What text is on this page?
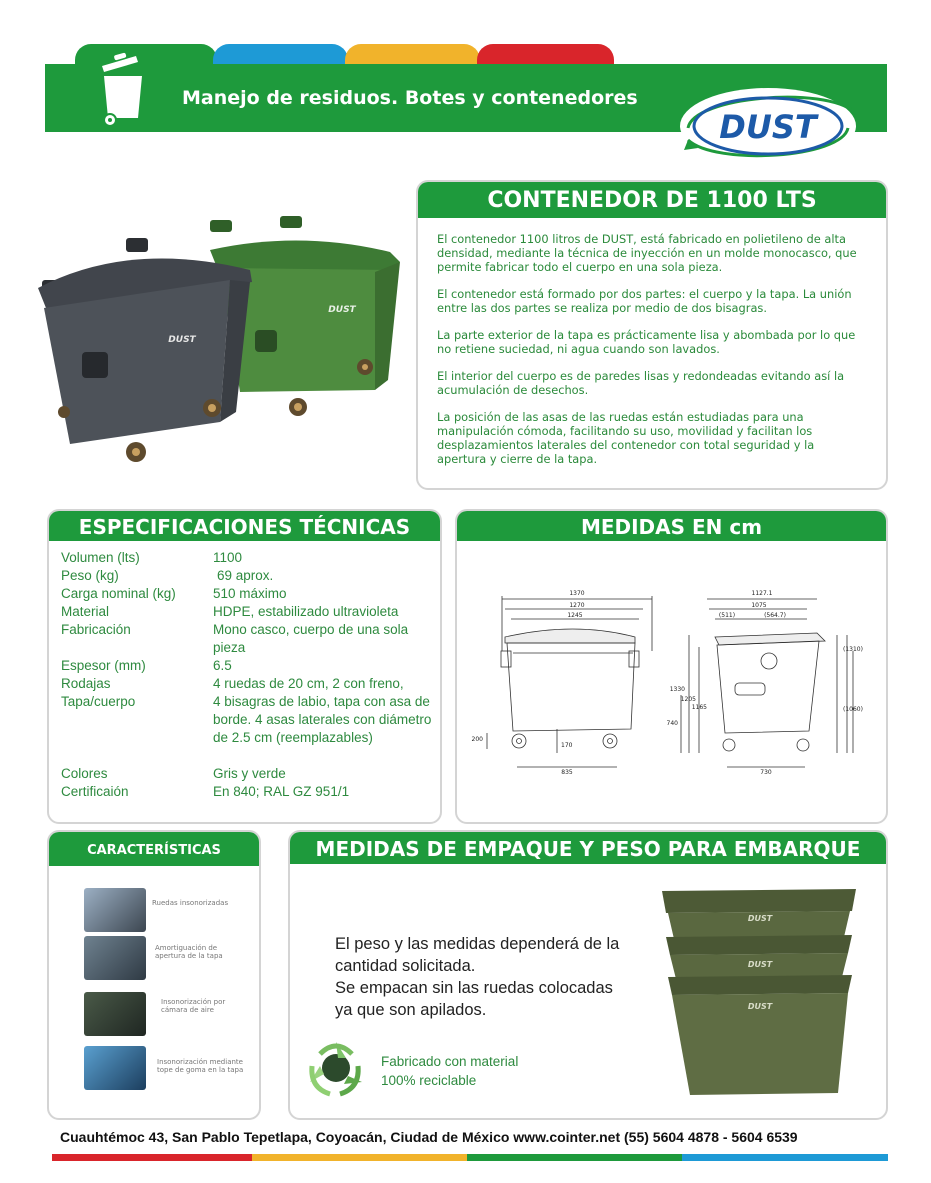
Manejo de residuos. Botes y contenedores
DUST
DUST
DUST
CONTENEDOR DE 1100 LTS

El contenedor 1100 litros de DUST, está fabricado en polietileno de alta densidad, mediante la técnica de inyección en un molde monocasco, que permite fabricar todo el cuerpo en una sola pieza.

El contenedor está formado por dos partes: el cuerpo y la tapa. La unión entre las dos partes se realiza por medio de dos bisagras.

La parte exterior de la tapa es prácticamente lisa y abombada por lo que no retiene suciedad, ni agua cuando son lavados.

El interior del cuerpo es de paredes lisas y redondeadas evitando así la acumulación de desechos.

La posición de las asas de las ruedas están estudiadas para una manipulación cómoda, facilitando su uso, movilidad y facilitan los desplazamientos laterales del contenedor con total seguridad y la apertura y cierre de la tapa.

ESPECIFICACIONES TÉCNICAS
Volumen (lts)	1100
Peso (kg)	69 aprox.
Carga nominal (kg)	510 máximo
Material	HDPE, estabilizado ultravioleta
Fabricación	Mono casco, cuerpo de una sola pieza
Espesor (mm)	6.5
Rodajas	4 ruedas de 20 cm, 2 con freno,
Tapa/cuerpo	4 bisagras de labio, tapa con asa de borde. 4 asas laterales con diámetro de 2.5 cm (reemplazables)
Colores	Gris y verde
Certificaión	En 840; RAL GZ 951/1
MEDIDAS EN cm
1370
1270
1245
200
835
170
1127.1
1075
(511)	(564.7)
1330
1205
1165
740
(1310)
(1060)
730
CARACTERÍSTICAS
Ruedas insonorizadas
Amortiguación de apertura de la tapa
Insonorización por cámara de aire
Insonorización mediante tope de goma en la tapa
MEDIDAS DE EMPAQUE Y PESO PARA EMBARQUE
El peso y las medidas dependerá de la
cantidad solicitada.
Se empacan sin las ruedas colocadas
ya que son apilados.
Fabricado con material
100% reciclable
DUST
DUST
DUST
Cuauhtémoc 43, San Pablo Tepetlapa, Coyoacán, Ciudad de México www.cointer.net (55) 5604 4878 - 5604 6539
